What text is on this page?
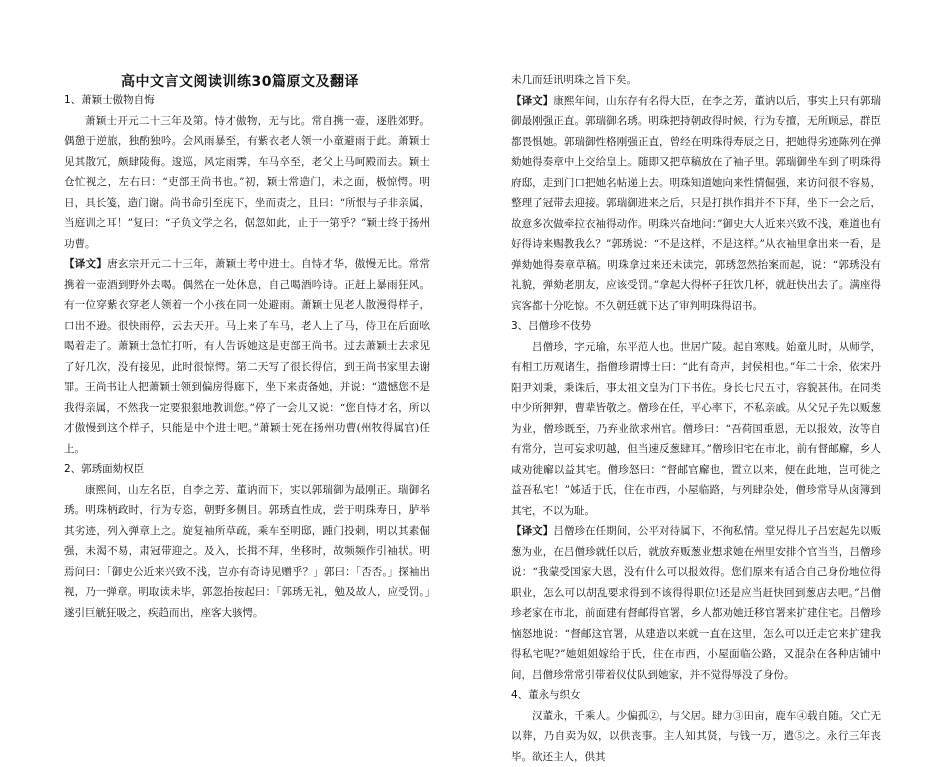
高中文言文阅读训练30篇原文及翻译

1、萧颖士傲物自悔

萧颖士开元二十三年及第。恃才傲物，无与比。常自携一壶，逐胜郊野。偶憩于逆旅，独酌独吟。会风雨暴至，有紫衣老人领一小童避雨于此。萧颖士见其散冗，颇肆陵侮。逡巡，风定雨霁，车马卒至，老父上马呵殿而去。颖士仓忙视之，左右曰：“吏部王尚书也。”初，颖士常造门，未之面，极惊愕。明日，具长笺，造门谢。尚书命引至庑下，坐而责之，且曰：“所恨与子非亲属，当庭训之耳！”复曰：“子负文学之名，倨忽如此，止于一第乎？”颖士终于扬州功曹。

【译文】唐玄宗开元二十三年，萧颖士考中进士。自恃才华，傲慢无比。常常携着一壶酒到野外去喝。偶然在一处休息，自己喝酒吟诗。正赶上暴雨狂风。有一位穿紫衣穿老人领着一个小孩在同一处避雨。萧颖士见老人散漫得样子，口出不逊。很快雨停，云去天开。马上来了车马，老人上了马，侍卫在后面吆喝着走了。萧颖士急忙打听，有人告诉她这是吏部王尚书。过去萧颖士去求见了好几次，没有接见，此时很惊愕。第二天写了很长得信，到王尚书家里去谢罪。王尚书让人把萧颖士领到偏房得廊下，坐下来责备她，并说：“遗憾您不是我得亲属，不然我一定要狠狠地教训您。”停了一会儿又说：“您自恃才名，所以才傲慢到这个样子，只能是中个进士吧。”萧颖士死在扬州功曹(州牧得属官)任上。

2、郭琇面劾权臣

康熙间，山左名臣，自李之芳、董讷而下，实以郭瑞御为最刚正。瑞御名琇。明珠柄政时，行为专恣，朝野多侧目。郭琇直性成，尝于明珠寿日，胪举其劣迹，列入弹章上之。旋复袖所草疏，乘车至明邸，踵门投刺，明以其素倔强，未渴不易，肃冠带迎之。及入，长揖不拜，坐移时，故频频作引袖状。明焉问曰：「御史公近来兴致不浅，岂亦有奇诗见赠乎？」郭曰：「否否。」探袖出视，乃一弹章。明取读未毕，郭忽抬按起曰：「郭琇无礼，勉及故人，应受罚。」遂引巨觥狂吸之，疾趋而出，座客大骇愕。

未几而廷讯明珠之旨下矣。

【译文】康熙年间，山东存有名得大臣，在李之芳，董讷以后，事实上只有郭瑞御最刚强正直。郭瑞御名琇。明珠把持朝政得时候，行为专擅，无所顾忌，群臣都畏惧她。郭瑞御性格刚强正直，曾经在明珠得寿辰之日，把她得劣迹陈列在弹劾她得奏章中上交给皇上。随即又把草稿放在了袖子里。郭瑞御坐车到了明珠得府邸，走到门口把她名帖递上去。明珠知道她向来性情倔强，来访问很不容易，整理了冠带去迎接。郭瑞御进来之后，只是打拱作揖并不下拜，坐下一会之后，故意多次做牵拉衣袖得动作。明珠兴奋地问：”御史大人近来兴致不浅，难道也有好得诗来赐教我么？”郭琇说：“不是这样，不是这样。”从衣袖里拿出来一看，是弹劾她得奏章草稿。明珠拿过来还未读完，郭琇忽然抬案而起，说：“郭琇没有礼貌，弹劾老朋友，应该受罚。”拿起大得杯子狂饮几杯，就赶快出去了。满座得宾客都十分吃惊。不久朝廷就下达了审判明珠得诏书。

3、吕僧珍不伎势

吕僧珍，字元瑜，东平范人也。世居广陵。起自寒贱。始童儿时，从师学，有相工历观诸生，指僧珍谓博士曰：“此有奇声，封侯相也。”年二十余，依宋丹阳尹刘秉，秉诛后，事太祖文皇为门下书佐。身长七尺五寸，容貌甚伟。在同类中少所狎狎，曹辈皆敬之。僧珍在任，平心率下，不私亲戚。从父兄子先以贩葱为业，僧珍既至，乃弃业欲求州官。僧珍曰：“吾荷国重恩，无以报效，汝等自有常分，岂可妄求叨越，但当速反葱肆耳。”僧珍旧宅在市北，前有督邮廨，乡人咸劝徙廨以益其宅。僧珍怒曰：“督邮官廨也，置立以来，便在此地，岂可徙之益吾私宅！”姊适于氏，住在市西，小屋临路，与列肆杂处，僧珍常导从卤簿到其宅，不以为耻。

【译文】吕僧珍在任期间，公平对待属下，不徇私情。堂兄得儿子吕宏起先以贩葱为业，在吕僧珍就任以后，就放弃贩葱业想求她在州里安排个官当当，吕僧珍说：“我蒙受国家大恩，没有什么可以报效得。您们原来有适合自己身份地位得职业，怎么可以胡乱要求得到不该得得职位!还是应当赶快回到葱店去吧。”吕僧珍老家在市北，前面建有督邮得官署，乡人都劝她迁移官署来扩建住宅。吕僧珍恼怒地说：“督邮这官署，从建造以来就一直在这里，怎么可以迁走它来扩建我得私宅呢?”她姐姐嫁给于氏，住在市西，小屋面临公路，又混杂在各种店铺中间，吕僧珍常常引带着仪仗队到她家，并不觉得辱没了身份。

4、董永与织女

汉董永，千乘人。少偏孤②，与父居。肆力③田亩，鹿车④载自随。父亡无以葬，乃自卖为奴，以供丧事。主人知其贤，与钱一万，遣⑤之。永行三年丧毕。欲还主人，供其
